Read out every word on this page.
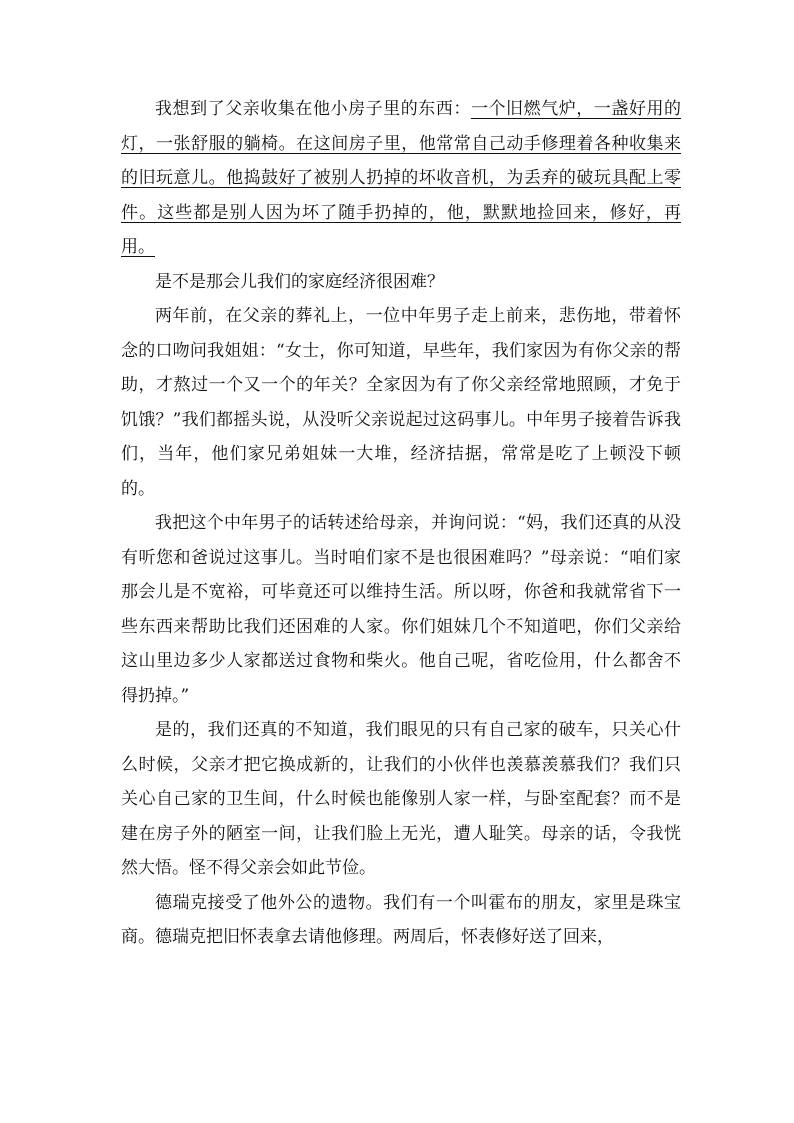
我想到了父亲收集在他小房子里的东西：一个旧燃气炉，一盏好用的灯，一张舒服的躺椅。在这间房子里，他常常自己动手修理着各种收集来的旧玩意儿。他捣鼓好了被别人扔掉的坏收音机，为丢弃的破玩具配上零件。这些都是别人因为坏了随手扔掉的，他，默默地捡回来，修好，再用。

是不是那会儿我们的家庭经济很困难？

两年前，在父亲的葬礼上，一位中年男子走上前来，悲伤地，带着怀念的口吻问我姐姐：“女士，你可知道，早些年，我们家因为有你父亲的帮助，才熬过一个又一个的年关？全家因为有了你父亲经常地照顾，才免于饥饿？”我们都摇头说，从没听父亲说起过这码事儿。中年男子接着告诉我们，当年，他们家兄弟姐妹一大堆，经济拮据，常常是吃了上顿没下顿的。

我把这个中年男子的话转述给母亲，并询问说：“妈，我们还真的从没有听您和爸说过这事儿。当时咱们家不是也很困难吗？”母亲说：“咱们家那会儿是不宽裕，可毕竟还可以维持生活。所以呀，你爸和我就常省下一些东西来帮助比我们还困难的人家。你们姐妹几个不知道吧，你们父亲给这山里边多少人家都送过食物和柴火。他自己呢，省吃俭用，什么都舍不得扔掉。”

是的，我们还真的不知道，我们眼见的只有自己家的破车，只关心什么时候，父亲才把它换成新的，让我们的小伙伴也羡慕羡慕我们？我们只关心自己家的卫生间，什么时候也能像别人家一样，与卧室配套？而不是建在房子外的陋室一间，让我们脸上无光，遭人耻笑。母亲的话，令我恍然大悟。怪不得父亲会如此节俭。

德瑞克接受了他外公的遗物。我们有一个叫霍布的朋友，家里是珠宝商。德瑞克把旧怀表拿去请他修理。两周后，怀表修好送了回来，
